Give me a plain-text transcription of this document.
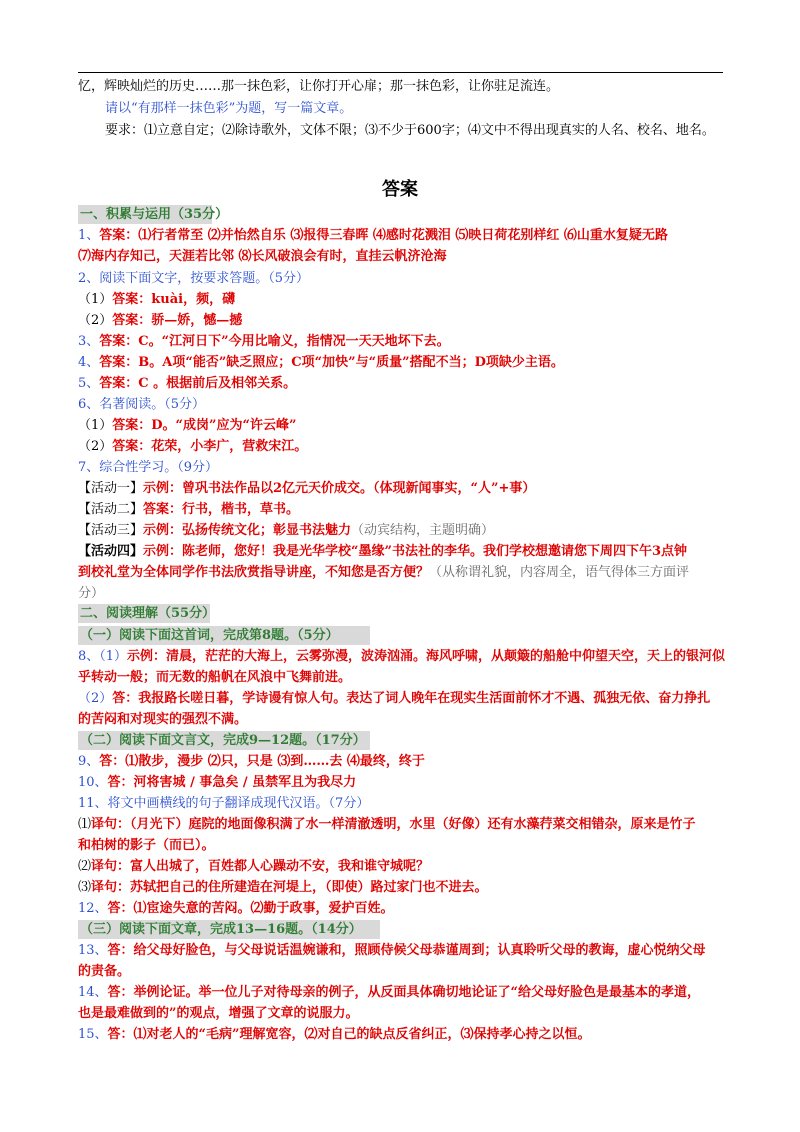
忆，辉映灿烂的历史……那一抹色彩，让你打开心扉；那一抹色彩，让你驻足流连。
请以“有那样一抹色彩”为题，写一篇文章。
要求：⑴立意自定；⑵除诗歌外，文体不限；⑶不少于600字；⑷文中不得出现真实的人名、校名、地名。
答案
一、积累与运用（35分）
1、答案：⑴行者常至 ⑵并怡然自乐 ⑶报得三春晖 ⑷感时花溅泪 ⑸映日荷花别样红 ⑹山重水复疑无路
⑺海内存知己，天涯若比邻 ⑻长风破浪会有时，直挂云帆济沧海
2、阅读下面文字，按要求答题。（5分）
（1）答案：kuài，频，礴
（2）答案：骄—娇，憾—撼
3、答案：C。“江河日下”今用比喻义，指情况一天天地坏下去。
4、答案：B。A项“能否”缺乏照应；C项“加快”与“质量”搭配不当；D项缺少主语。
5、答案：C 。根据前后及相邻关系。
6、名著阅读。（5分）
（1）答案：D。“成岗”应为“许云峰”
（2）答案：花荣，小李广，营救宋江。
7、综合性学习。（9分）
【活动一】示例：曾巩书法作品以2亿元天价成交。（体现新闻事实，“人”+事）
【活动二】答案：行书，楷书，草书。
【活动三】示例：弘扬传统文化；彰显书法魅力（动宾结构，主题明确）
【活动四】示例：陈老师，您好！我是光华学校“墨缘”书法社的李华。我们学校想邀请您下周四下午3点钟
到校礼堂为全体同学作书法欣赏指导讲座，不知您是否方便？（从称谓礼貌，内容周全，语气得体三方面评
分）
二、阅读理解（55分）
（一）阅读下面这首词，完成第8题。（5分）
8、（1）示例：清晨，茫茫的大海上，云雾弥漫，波涛汹涌。海风呼啸，从颠簸的船舱中仰望天空，天上的银河似
乎转动一般；而无数的船帆在风浪中飞舞前进。
（2）答：我报路长嗟日暮，学诗谩有惊人句。表达了词人晚年在现实生活面前怀才不遇、孤独无依、奋力挣扎
的苦闷和对现实的强烈不满。
（二）阅读下面文言文，完成9—12题。（17分）
9、答：⑴散步，漫步 ⑵只，只是 ⑶到……去 ⑷最终，终于
10、答：河将害城 / 事急矣 / 虽禁军且为我尽力
11、将文中画横线的句子翻译成现代汉语。（7分）
⑴译句：（月光下）庭院的地面像积满了水一样清澈透明，水里（好像）还有水藻荇菜交相错杂，原来是竹子
和柏树的影子（而已）。
⑵译句：富人出城了，百姓都人心躁动不安，我和谁守城呢？
⑶译句：苏轼把自己的住所建造在河堤上，（即使）路过家门也不进去。
12、答：⑴宦途失意的苦闷。⑵勤于政事，爱护百姓。
（三）阅读下面文章，完成13—16题。（14分）
13、答：给父母好脸色，与父母说话温婉谦和，照顾侍候父母恭谨周到；认真聆听父母的教诲，虚心悦纳父母
的责备。
14、答：举例论证。举一位儿子对待母亲的例子，从反面具体确切地论证了“给父母好脸色是最基本的孝道，
也是最难做到的”的观点，增强了文章的说服力。
15、答：⑴对老人的“毛病”理解宽容，⑵对自己的缺点反省纠正，⑶保持孝心持之以恒。
